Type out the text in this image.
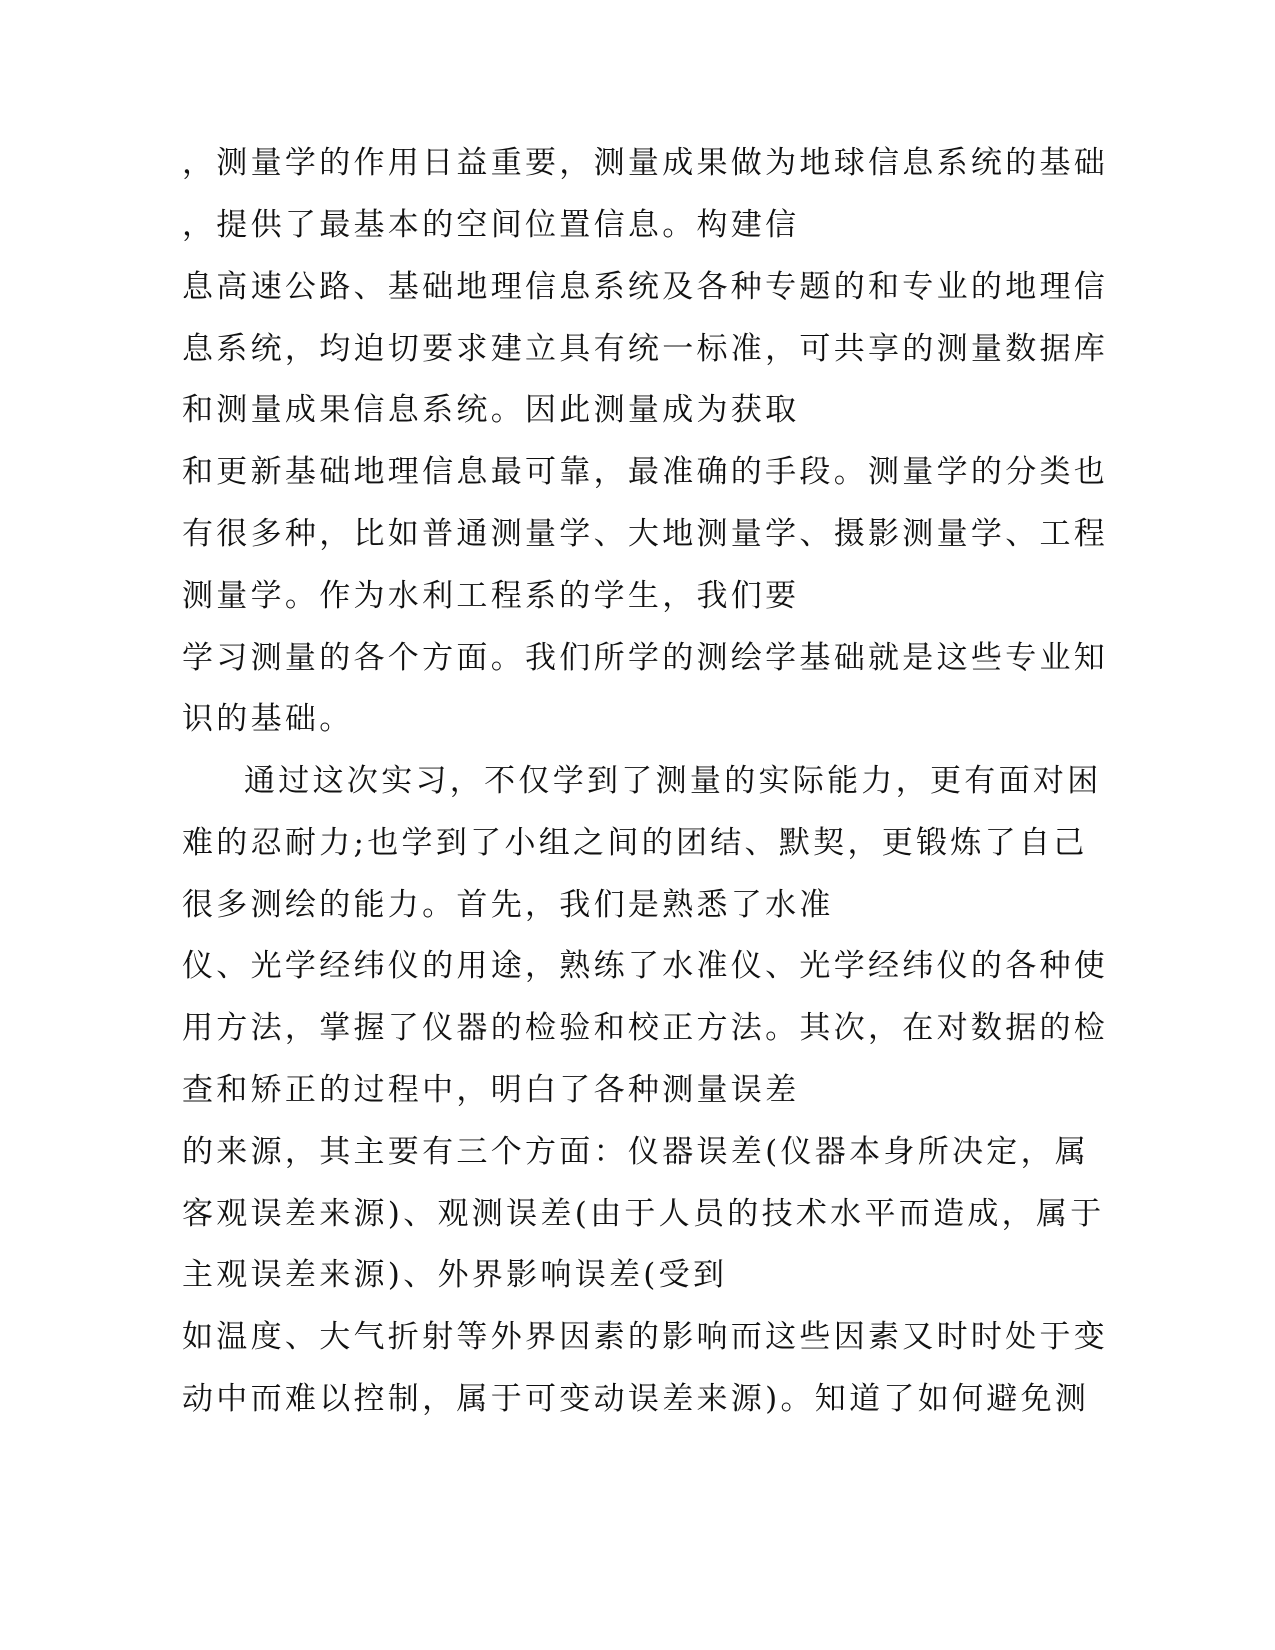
，测量学的作用日益重要，测量成果做为地球信息系统的基础
，提供了最基本的空间位置信息。构建信
息高速公路、基础地理信息系统及各种专题的和专业的地理信
息系统，均迫切要求建立具有统一标准，可共享的测量数据库
和测量成果信息系统。因此测量成为获取
和更新基础地理信息最可靠，最准确的手段。测量学的分类也
有很多种，比如普通测量学、大地测量学、摄影测量学、工程
测量学。作为水利工程系的学生，我们要
学习测量的各个方面。我们所学的测绘学基础就是这些专业知
识的基础。
通过这次实习，不仅学到了测量的实际能力，更有面对困
难的忍耐力;也学到了小组之间的团结、默契，更锻炼了自己
很多测绘的能力。首先，我们是熟悉了水准
仪、光学经纬仪的用途，熟练了水准仪、光学经纬仪的各种使
用方法，掌握了仪器的检验和校正方法。其次，在对数据的检
查和矫正的过程中，明白了各种测量误差
的来源，其主要有三个方面：仪器误差(仪器本身所决定，属
客观误差来源)、观测误差(由于人员的技术水平而造成，属于
主观误差来源)、外界影响误差(受到
如温度、大气折射等外界因素的影响而这些因素又时时处于变
动中而难以控制，属于可变动误差来源)。知道了如何避免测
